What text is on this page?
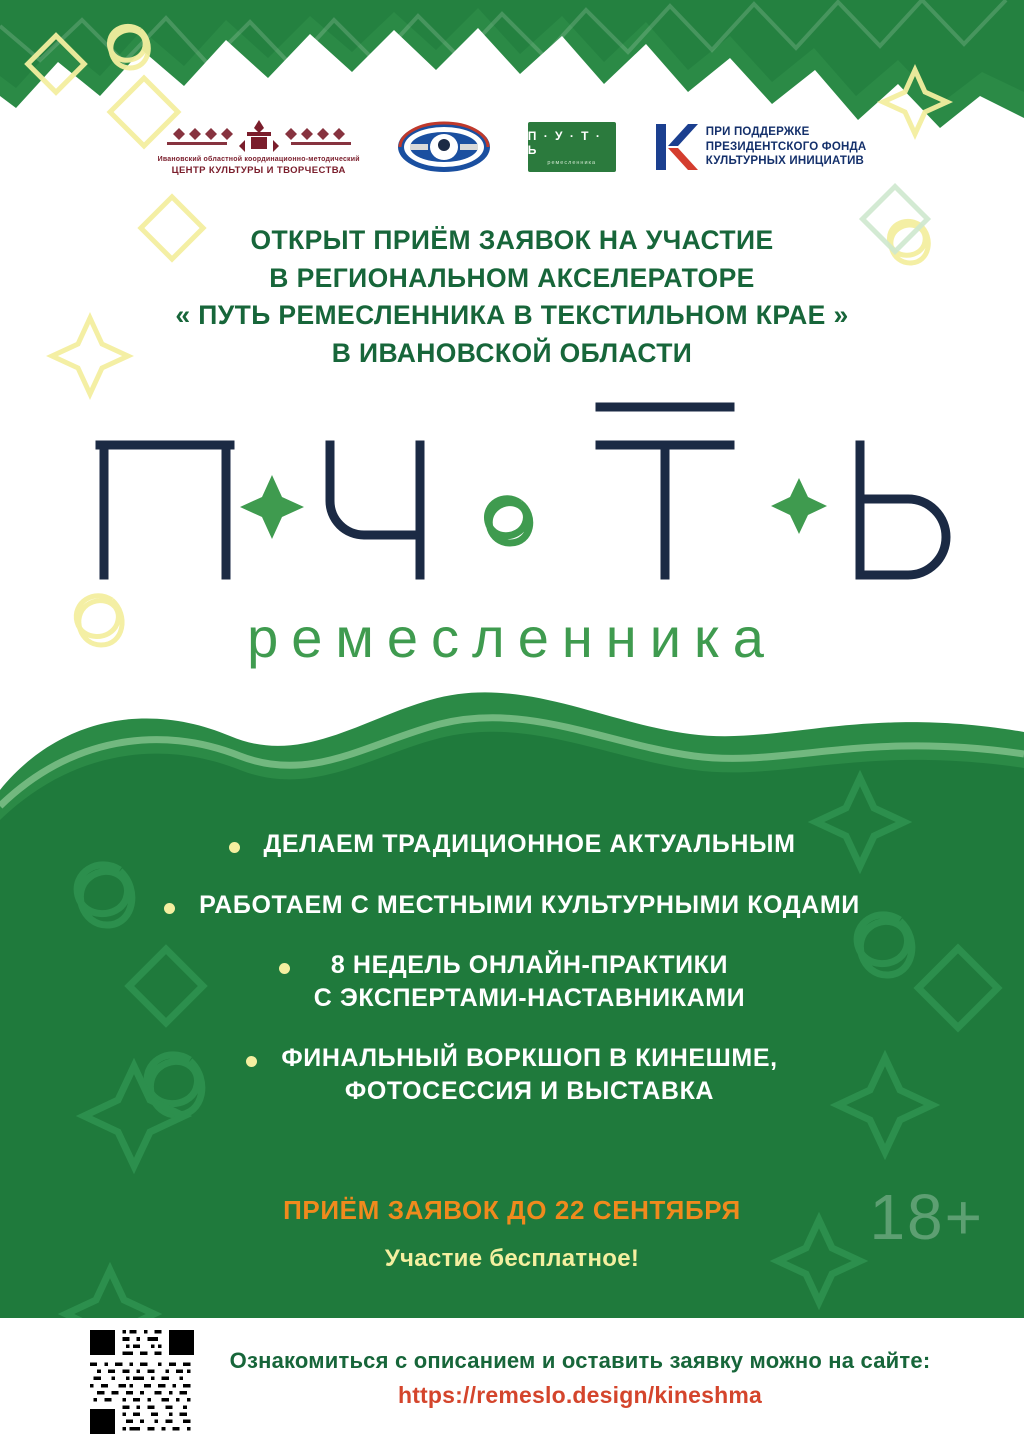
Ивановский областной координационно-методический
ЦЕНТР КУЛЬТУРЫ И ТВОРЧЕСТВА
П · У · Т · Ь
ремесленника
ПРИ ПОДДЕРЖКЕ
ПРЕЗИДЕНТСКОГО ФОНДА
КУЛЬТУРНЫХ ИНИЦИАТИВ
ОТКРЫТ ПРИЁМ ЗАЯВОК НА УЧАСТИЕ
В РЕГИОНАЛЬНОМ АКСЕЛЕРАТОРЕ
« ПУТЬ РЕМЕСЛЕННИКА В ТЕКСТИЛЬНОМ КРАЕ »
В ИВАНОВСКОЙ ОБЛАСТИ
ремесленника
ДЕЛАЕМ ТРАДИЦИОННОЕ АКТУАЛЬНЫМ
РАБОТАЕМ С МЕСТНЫМИ КУЛЬТУРНЫМИ КОДАМИ
8 НЕДЕЛЬ ОНЛАЙН-ПРАКТИКИ
С ЭКСПЕРТАМИ-НАСТАВНИКАМИ
ФИНАЛЬНЫЙ ВОРКШОП В КИНЕШМЕ,
ФОТОСЕССИЯ И ВЫСТАВКА
ПРИЁМ ЗАЯВОК ДО 22 СЕНТЯБРЯ
Участие бесплатное!
18+
Ознакомиться с описанием и оставить заявку можно на сайте:
https://remeslo.design/kineshma
